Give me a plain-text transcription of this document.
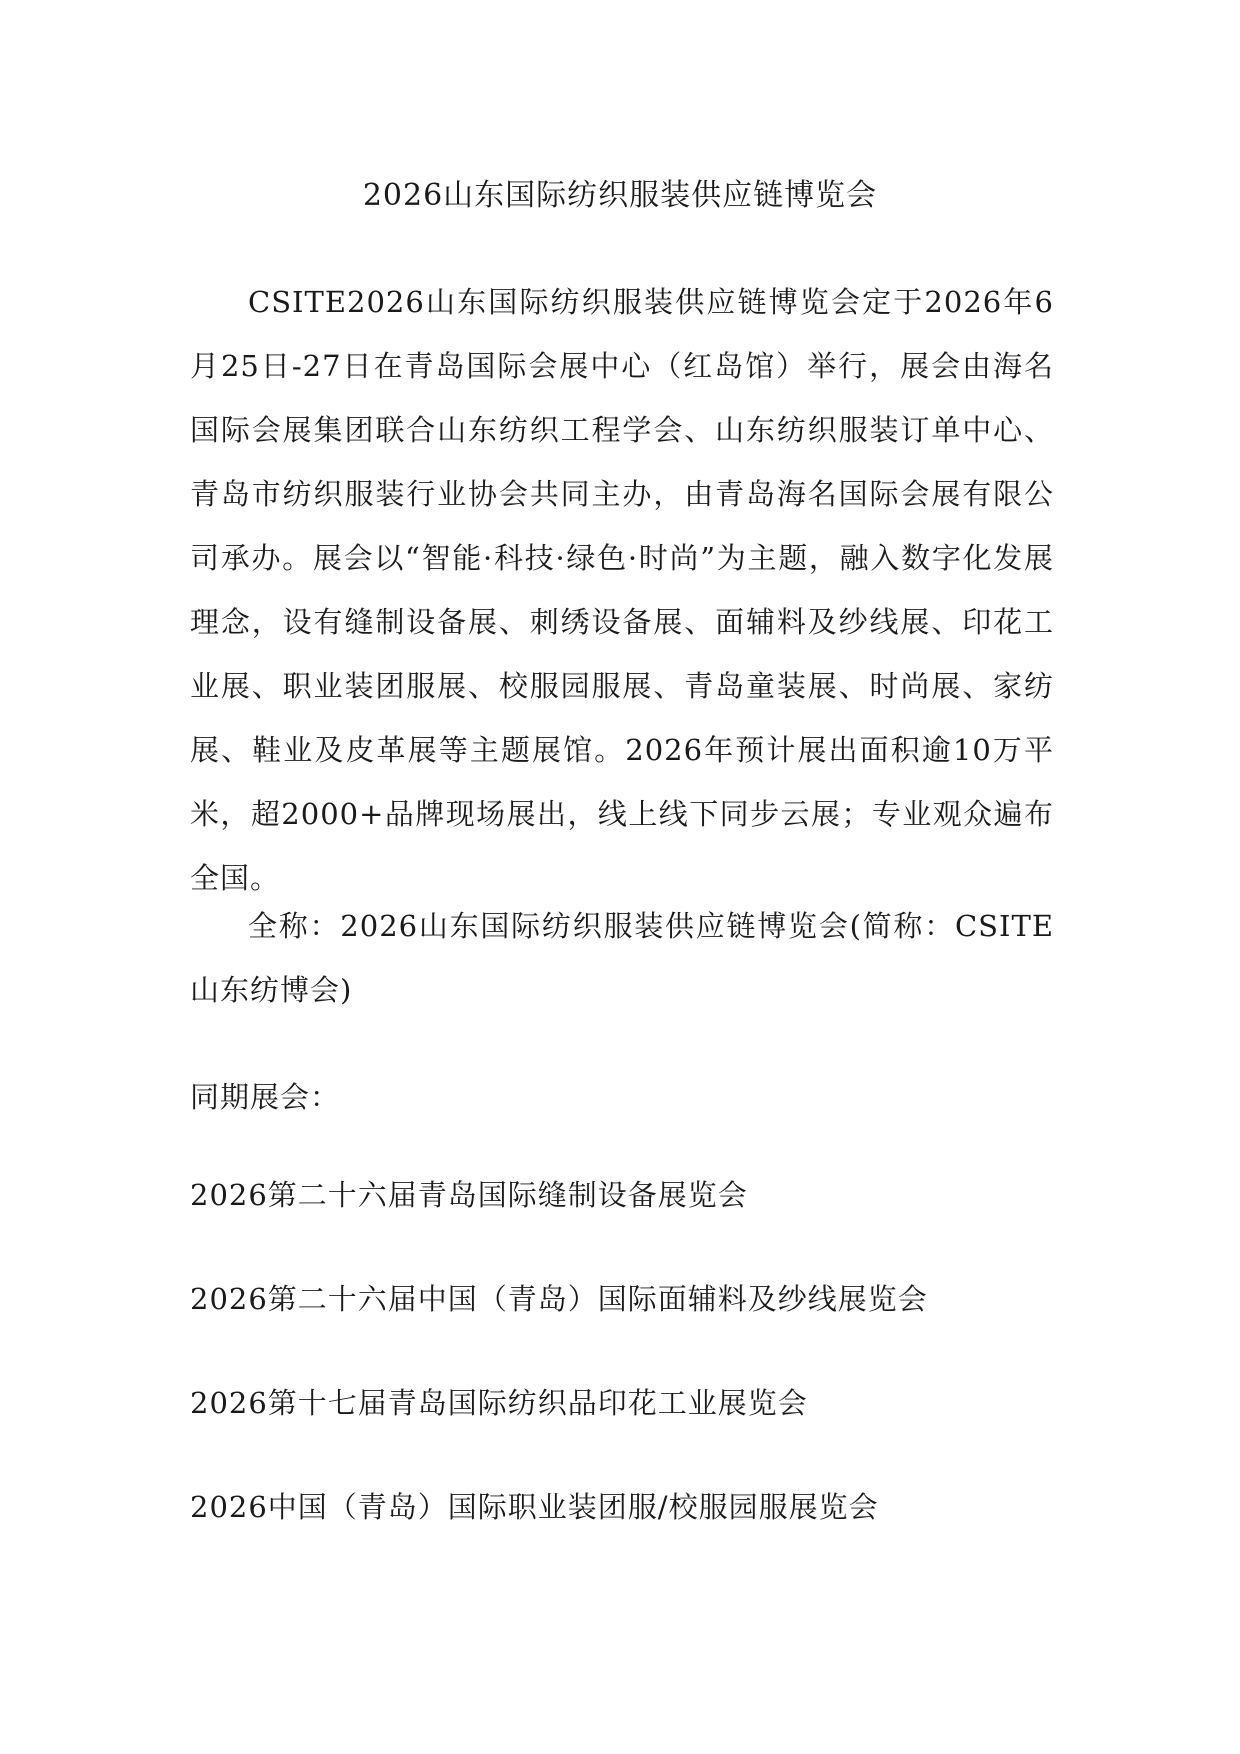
2026山东国际纺织服装供应链博览会

CSITE2026山东国际纺织服装供应链博览会定于2026年6月25日-27日在青岛国际会展中心（红岛馆）举行，展会由海名国际会展集团联合山东纺织工程学会、山东纺织服装订单中心、青岛市纺织服装行业协会共同主办，由青岛海名国际会展有限公司承办。展会以“智能·科技·绿色·时尚”为主题，融入数字化发展理念，设有缝制设备展、刺绣设备展、面辅料及纱线展、印花工业展、职业装团服展、校服园服展、青岛童装展、时尚展、家纺展、鞋业及皮革展等主题展馆。2026年预计展出面积逾10万平米，超2000+品牌现场展出，线上线下同步云展；专业观众遍布全国。

全称：2026山东国际纺织服装供应链博览会(简称：CSITE山东纺博会)

同期展会：

2026第二十六届青岛国际缝制设备展览会
2026第二十六届中国（青岛）国际面辅料及纱线展览会
2026第十七届青岛国际纺织品印花工业展览会
2026中国（青岛）国际职业装团服/校服园服展览会
